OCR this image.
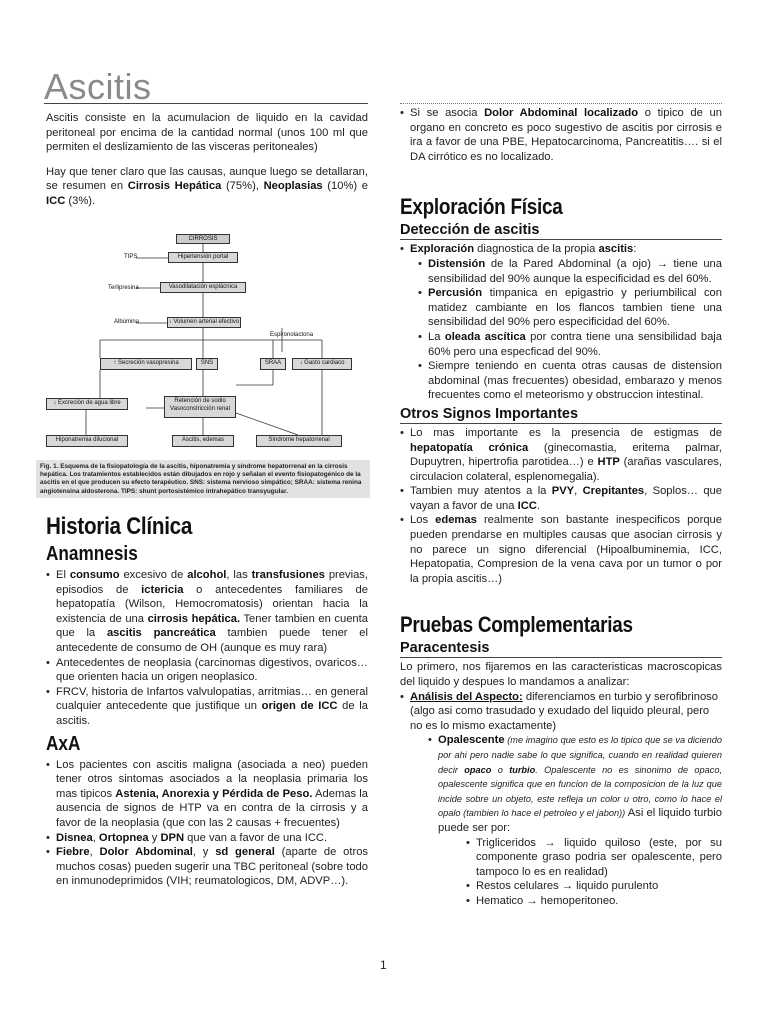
Ascitis

Ascitis consiste en la acumulacion de liquido en la cavidad peritoneal por encima de la cantidad normal (unos 100 ml que permiten el deslizamiento de las visceras peritoneales)

Hay que tener claro que las causas, aunque luego se detallaran, se resumen en Cirrosis Hepática (75%), Neoplasias (10%) e ICC (3%).

CIRROSIS
Hipertensión portal
Vasodilatación esplácnica
↓ Volumen arterial efectivo
↑ Secreción vasopresina	SNS	SRAA	↓ Gasto cardiaco
↓ Excreción de agua libre	Retención de sodio Vasoconstricción renal
Hiponatremia dilucional	Ascitis, edemas	Síndrome hepatorrenal
TIPS
Terlipresina
Albúmina
Espironolactona
Fig. 1. Esquema de la fisiopatología de la ascitis, hiponatremia y síndrome hepatorrenal en la cirrosis hepática. Los tratamientos establecidos están dibujados en rojo y señalan el evento fisiopatogénico de la ascitis en el que producen su efecto terapéutico. SNS: sistema nervioso simpático; SRAA: sistema renina angiotensina aldosterona. TIPS: shunt portosistémico intrahepático transyugular.
Historia Clínica
Anamnesis
• El consumo excesivo de alcohol, las transfusiones previas, episodios de ictericia o antecedentes familiares de hepatopatía (Wilson, Hemocromatosis) orientan hacia la existencia de una cirrosis hepática. Tener tambien en cuenta que la ascitis pancreática tambien puede tener el antecedente de consumo de OH (aunque es muy rara)
• Antecedentes de neoplasia (carcinomas digestivos, ovaricos… que orienten hacia un origen neoplasico.
• FRCV, historia de Infartos valvulopatias, arritmias… en general cualquier antecedente que justifique un origen de ICC de la ascitis.
AxA
• Los pacientes con ascitis maligna (asociada a neo) pueden tener otros sintomas asociados a la neoplasia primaria los mas tipicos Astenia, Anorexia y Pérdida de Peso. Ademas la ausencia de signos de HTP va en contra de la cirrosis y a favor de la neoplasia (que con las 2 causas + frecuentes)
• Disnea, Ortopnea y DPN que van a favor de una ICC.
• Fiebre, Dolor Abdominal, y sd general (aparte de otros muchos cosas) pueden sugerir una TBC peritoneal (sobre todo en inmunodeprimidos (VIH; reumatologicos, DM, ADVP…).
• Si se asocia Dolor Abdominal localizado o tipico de un organo en concreto es poco sugestivo de ascitis por cirrosis e ira a favor de una PBE, Hepatocarcinoma, Pancreatitis…. si el DA cirrótico es no localizado.
Exploración Física
Detección de ascitis
• Exploración diagnostica de la propia ascitis:
• Distensión de la Pared Abdominal (a ojo) → tiene una sensibilidad del 90% aunque la especificidad es del 60%.
• Percusión timpanica en epigastrio y periumbilical con matidez cambiante en los flancos tambien tiene una sensibilidad del 90% pero especificidad del 60%.
• La oleada ascítica por contra tiene una sensibilidad baja 60% pero una especficad del 90%.
• Siempre teniendo en cuenta otras causas de distension abdominal (mas frecuentes) obesidad, embarazo y menos frecuentes como el meteorismo y obstruccion intestinal.
Otros Signos Importantes
• Lo mas importante es la presencia de estigmas de hepatopatía crónica (ginecomastia, eritema palmar, Dupuytren, hipertrofia parotidea…) e HTP (arañas vasculares, circulacion colateral, esplenomegalia).
• Tambien muy atentos a la PVY, Crepitantes, Soplos… que vayan a favor de una ICC.
• Los edemas realmente son bastante inespecificos porque pueden prendarse en multiples causas que asocian cirrosis y no parece un signo diferencial (Hipoalbuminemia, ICC, Hepatopatia, Compresion de la vena cava por un tumor o por la propia ascitis…)
Pruebas Complementarias
Paracentesis

Lo primero, nos fijaremos en las caracteristicas macroscopicas del liquido y despues lo mandamos a analizar:

• Análisis del Aspecto: diferenciamos en turbio y serofibrinoso (algo asi como trasudado y exudado del liquido pleural, pero no es lo mismo exactamente)
• Opalescente (me imagino que esto es lo tipico que se va diciendo por ahi pero nadie sabe lo que significa, cuando en realidad quieren decir opaco o turbio. Opalescente no es sinonimo de opaco, opalescente significa que en funcion de la composicion de la luz que incide sobre un objeto, este refleja un color u otro, como lo hace el opalo (tambien lo hace el petroleo y el jabon)) Asi el liquido turbio puede ser por:
• Trigliceridos → liquido quiloso (este, por su componente graso podria ser opalescente, pero tampoco lo es en realidad)
• Restos celulares → liquido purulento
• Hematico → hemoperitoneo.
1
